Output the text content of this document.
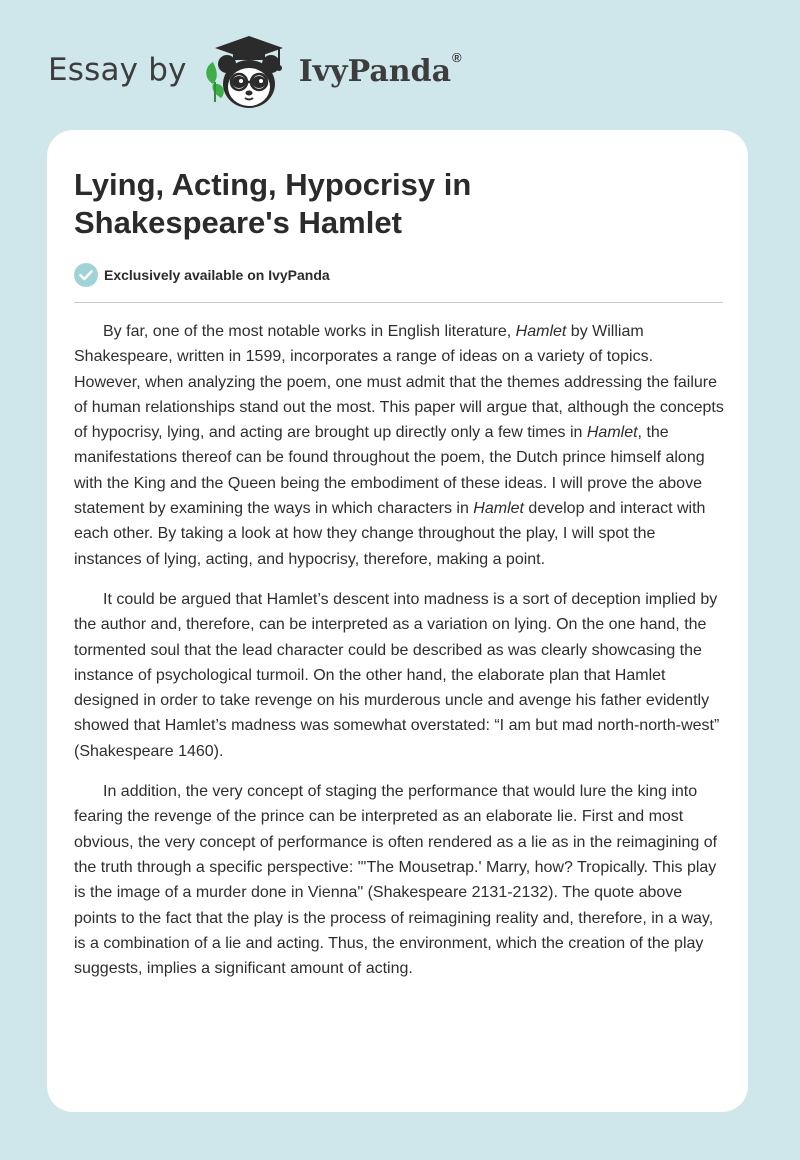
Essay by	IvyPanda®
Lying, Acting, Hypocrisy in Shakespeare's Hamlet
Exclusively available on IvyPanda

By far, one of the most notable works in English literature, Hamlet by William Shakespeare, written in 1599, incorporates a range of ideas on a variety of topics. However, when analyzing the poem, one must admit that the themes addressing the failure of human relationships stand out the most. This paper will argue that, although the concepts of hypocrisy, lying, and acting are brought up directly only a few times in Hamlet, the manifestations thereof can be found throughout the poem, the Dutch prince himself along with the King and the Queen being the embodiment of these ideas. I will prove the above statement by examining the ways in which characters in Hamlet develop and interact with each other. By taking a look at how they change throughout the play, I will spot the instances of lying, acting, and hypocrisy, therefore, making a point.

It could be argued that Hamlet’s descent into madness is a sort of deception implied by the author and, therefore, can be interpreted as a variation on lying. On the one hand, the tormented soul that the lead character could be described as was clearly showcasing the instance of psychological turmoil. On the other hand, the elaborate plan that Hamlet designed in order to take revenge on his murderous uncle and avenge his father evidently showed that Hamlet’s madness was somewhat overstated: “I am but mad north-north-west” (Shakespeare 1460).

In addition, the very concept of staging the performance that would lure the king into fearing the revenge of the prince can be interpreted as an elaborate lie. First and most obvious, the very concept of performance is often rendered as a lie as in the reimagining of the truth through a specific perspective: "'The Mousetrap.' Marry, how? Tropically. This play is the image of a murder done in Vienna" (Shakespeare 2131-2132). The quote above points to the fact that the play is the process of reimagining reality and, therefore, in a way, is a combination of a lie and acting. Thus, the environment, which the creation of the play suggests, implies a significant amount of acting.
